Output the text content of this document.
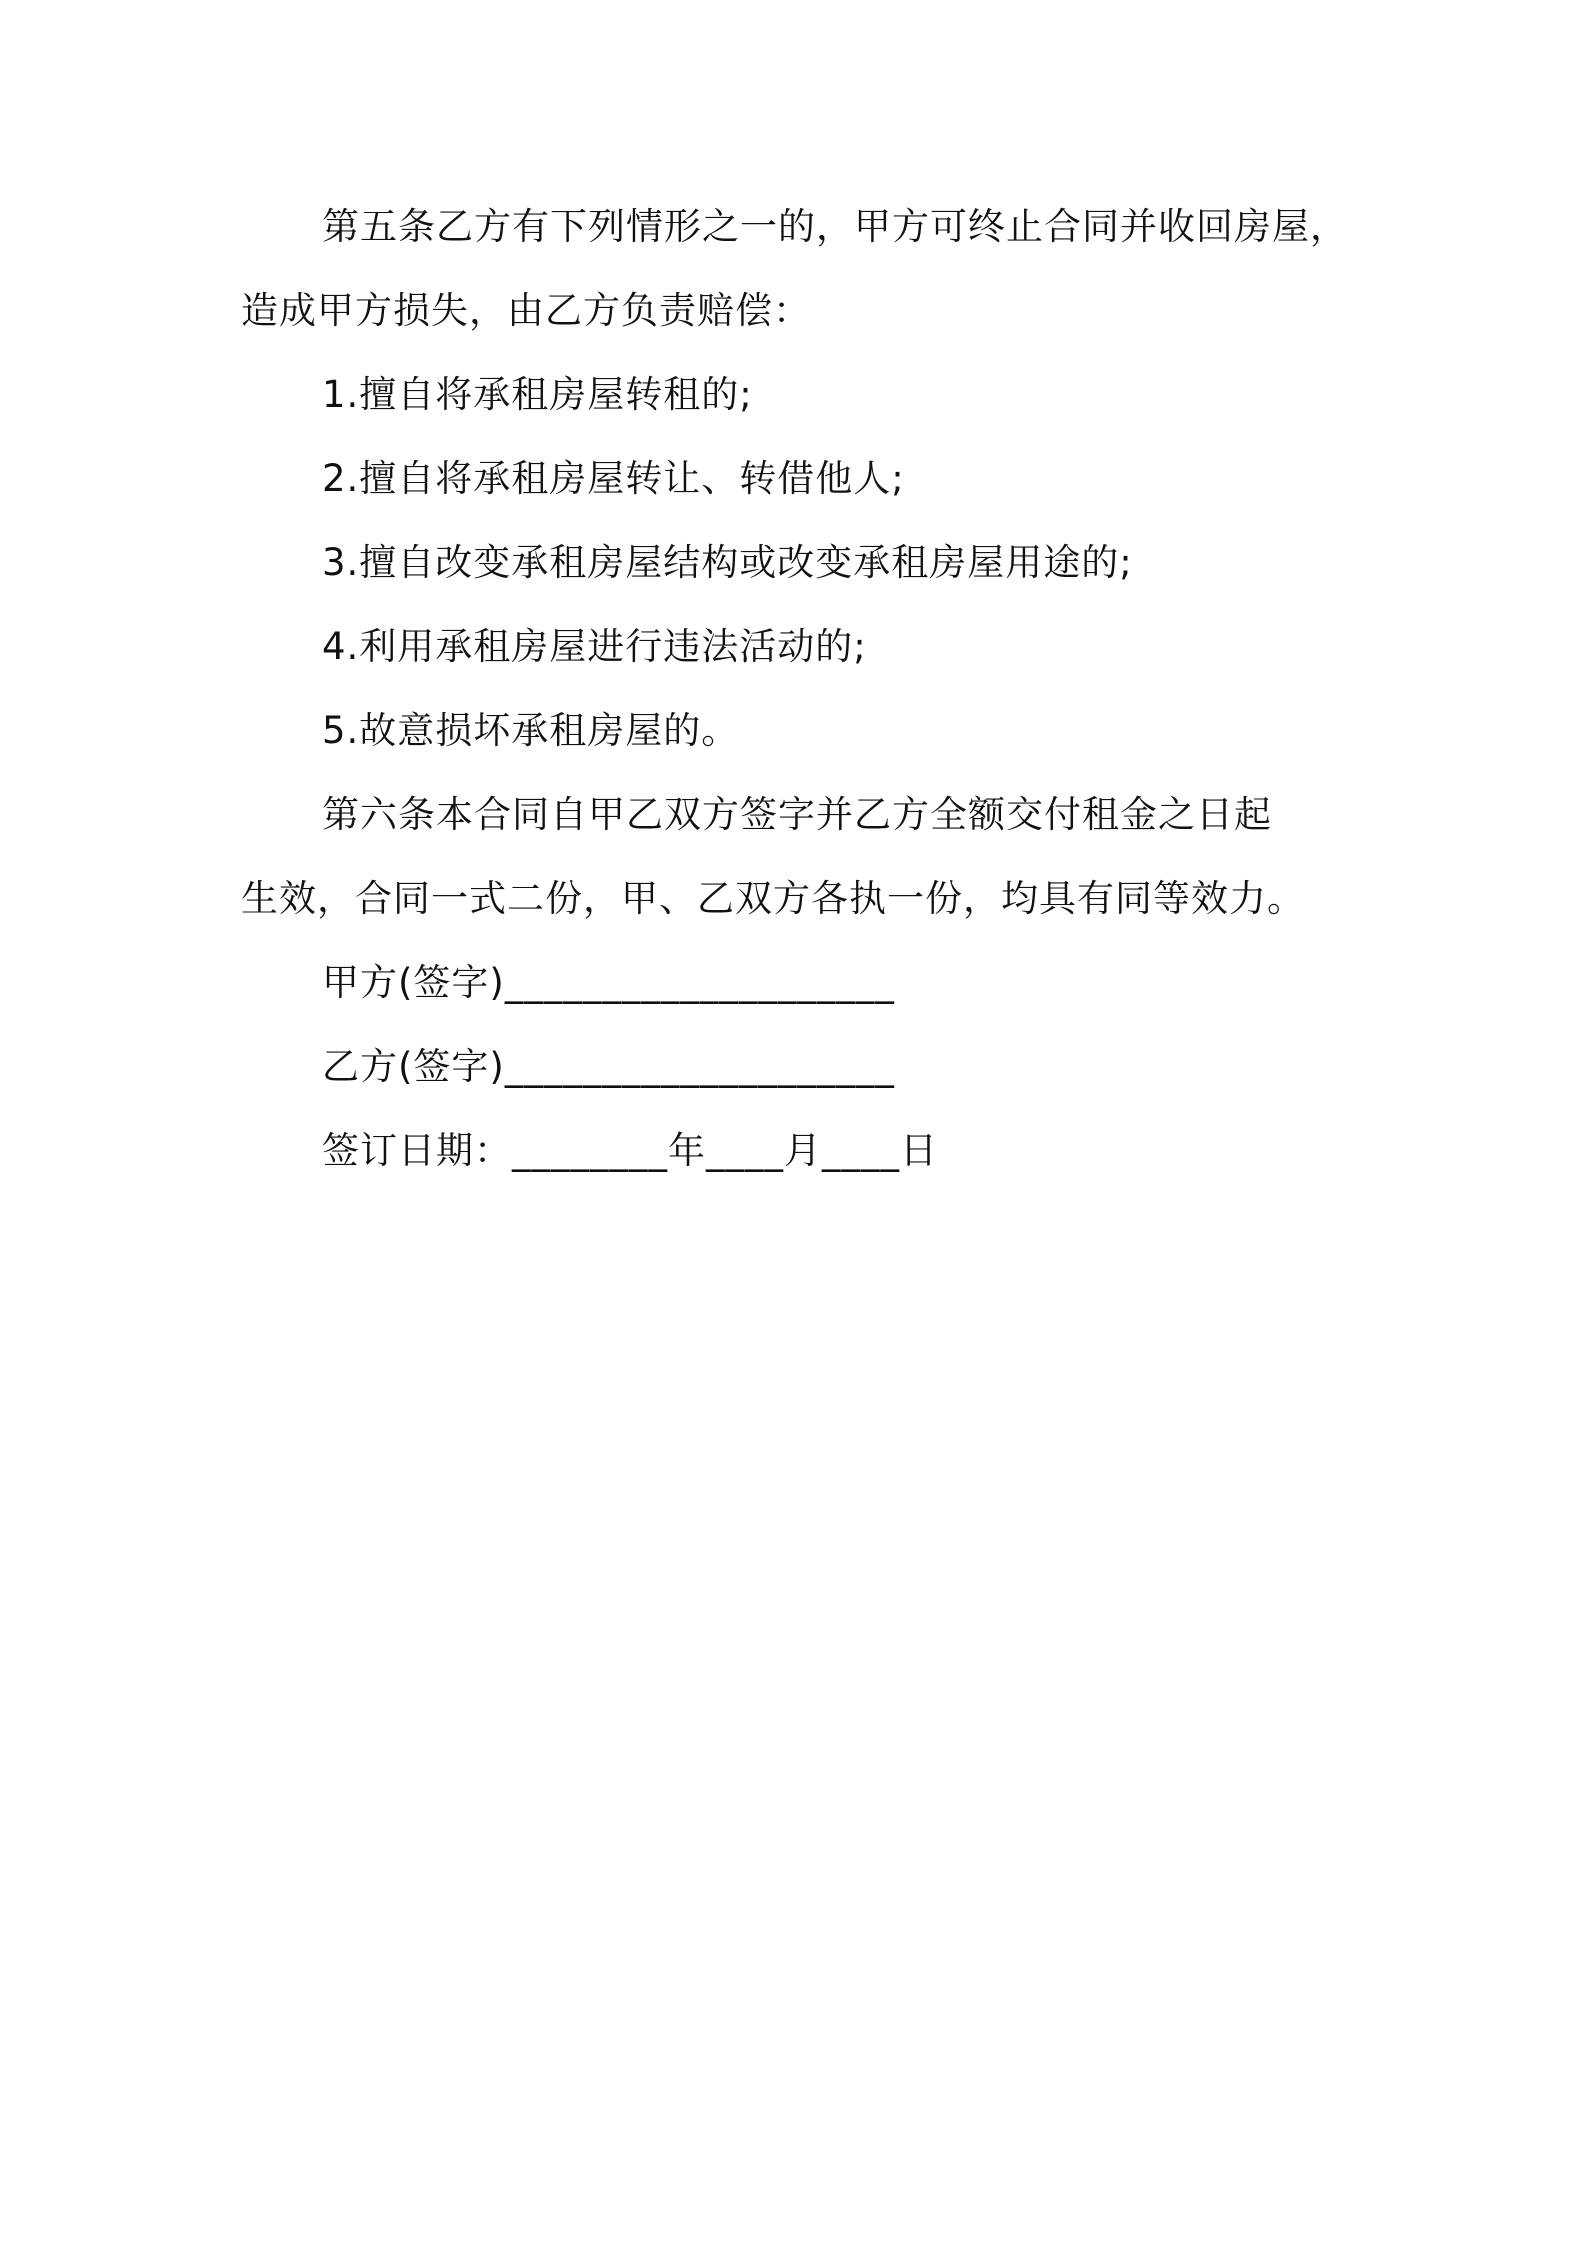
第五条乙方有下列情形之一的，甲方可终止合同并收回房屋，
造成甲方损失，由乙方负责赔偿：
1.擅自将承租房屋转租的;
2.擅自将承租房屋转让、转借他人;
3.擅自改变承租房屋结构或改变承租房屋用途的;
4.利用承租房屋进行违法活动的;
5.故意损坏承租房屋的。
第六条本合同自甲乙双方签字并乙方全额交付租金之日起
生效，合同一式二份，甲、乙双方各执一份，均具有同等效力。
甲方(签字)____________________
乙方(签字)____________________
签订日期：________年____月____日
